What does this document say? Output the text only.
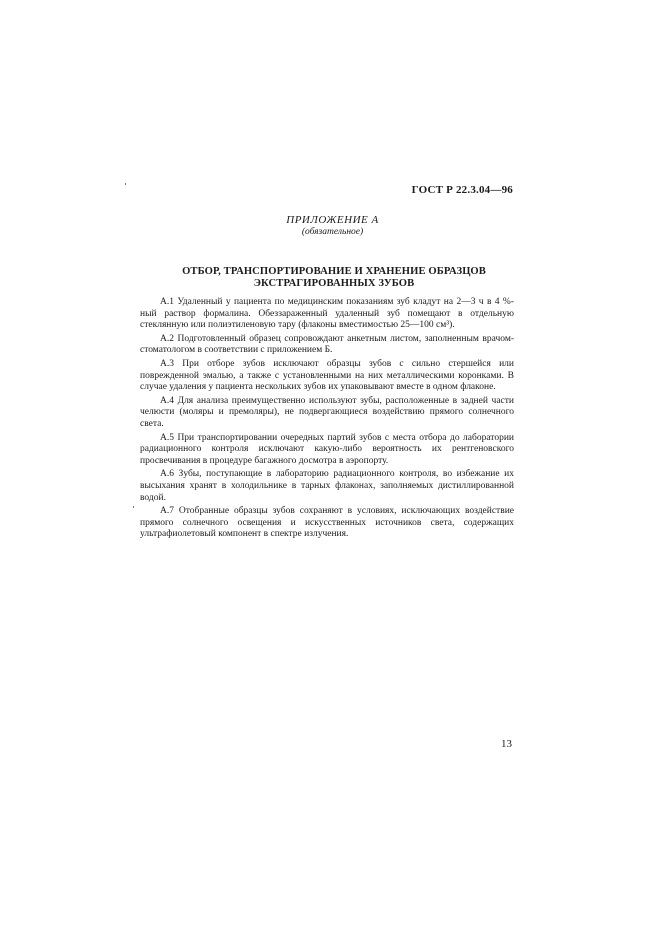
ГОСТ Р 22.3.04—96
ПРИЛОЖЕНИЕ А
(обязательное)
ОТБОР, ТРАНСПОРТИРОВАНИЕ И ХРАНЕНИЕ ОБРАЗЦОВ
ЭКСТРАГИРОВАННЫХ ЗУБОВ

А.1 Удаленный у пациента по медицинским показаниям зуб кладут на 2—3 ч в 4 %-ный раствор формалина. Обеззараженный удаленный зуб помещают в отдельную стеклянную или полиэтиленовую тару (флаконы вместимостью 25—100 см³).

А.2 Подготовленный образец сопровождают анкетным листом, заполненным врачом-стоматологом в соответствии с приложением Б.

А.3 При отборе зубов исключают образцы зубов с сильно стершейся или поврежденной эмалью, а также с установленными на них металлическими коронками. В случае удаления у пациента нескольких зубов их упаковывают вместе в одном флаконе.

А.4 Для анализа преимущественно используют зубы, расположенные в задней части челюсти (моляры и премоляры), не подвергающиеся воздействию прямого солнечного света.

А.5 При транспортировании очередных партий зубов с места отбора до лаборатории радиационного контроля исключают какую-либо вероятность их рентгеновского просвечивания в процедуре багажного досмотра в аэропорту.

А.6 Зубы, поступающие в лабораторию радиационного контроля, во избежание их высыхания хранят в холодильнике в тарных флаконах, заполняемых дистиллированной водой.

А.7 Отобранные образцы зубов сохраняют в условиях, исключающих воздействие прямого солнечного освещения и искусственных источников света, содержащих ультрафиолетовый компонент в спектре излучения.

13
